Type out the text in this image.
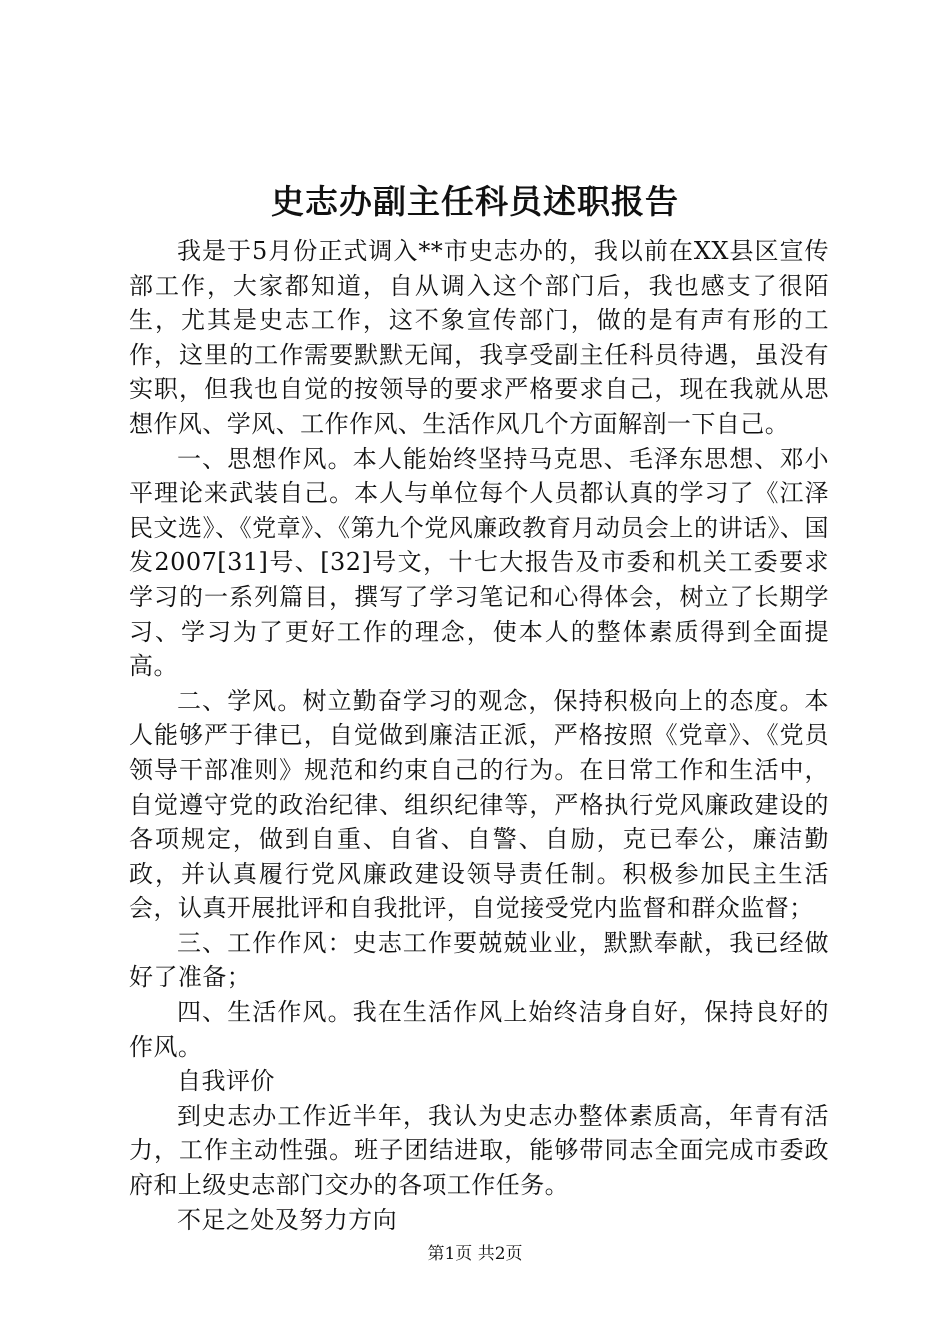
史志办副主任科员述职报告

我是于5月份正式调入**市史志办的，我以前在XX县区宣传部工作，大家都知道，自从调入这个部门后，我也感支了很陌生，尤其是史志工作，这不象宣传部门，做的是有声有形的工作，这里的工作需要默默无闻，我享受副主任科员待遇，虽没有实职，但我也自觉的按领导的要求严格要求自己，现在我就从思想作风、学风、工作作风、生活作风几个方面解剖一下自己。

一、思想作风。本人能始终坚持马克思、毛泽东思想、邓小平理论来武装自己。本人与单位每个人员都认真的学习了《江泽民文选》、《党章》、《第九个党风廉政教育月动员会上的讲话》、国发2007[31]号、[32]号文，十七大报告及市委和机关工委要求学习的一系列篇目，撰写了学习笔记和心得体会，树立了长期学习、学习为了更好工作的理念，使本人的整体素质得到全面提高。

二、学风。树立勤奋学习的观念，保持积极向上的态度。本人能够严于律已，自觉做到廉洁正派，严格按照《党章》、《党员领导干部准则》规范和约束自己的行为。在日常工作和生活中，自觉遵守党的政治纪律、组织纪律等，严格执行党风廉政建设的各项规定，做到自重、自省、自警、自励，克已奉公，廉洁勤政，并认真履行党风廉政建设领导责任制。积极参加民主生活会，认真开展批评和自我批评，自觉接受党内监督和群众监督；

三、工作作风：史志工作要兢兢业业，默默奉献，我已经做好了准备；

四、生活作风。我在生活作风上始终洁身自好，保持良好的作风。

自我评价

到史志办工作近半年，我认为史志办整体素质高，年青有活力，工作主动性强。班子团结进取，能够带同志全面完成市委政府和上级史志部门交办的各项工作任务。

不足之处及努力方向

第1页 共2页
